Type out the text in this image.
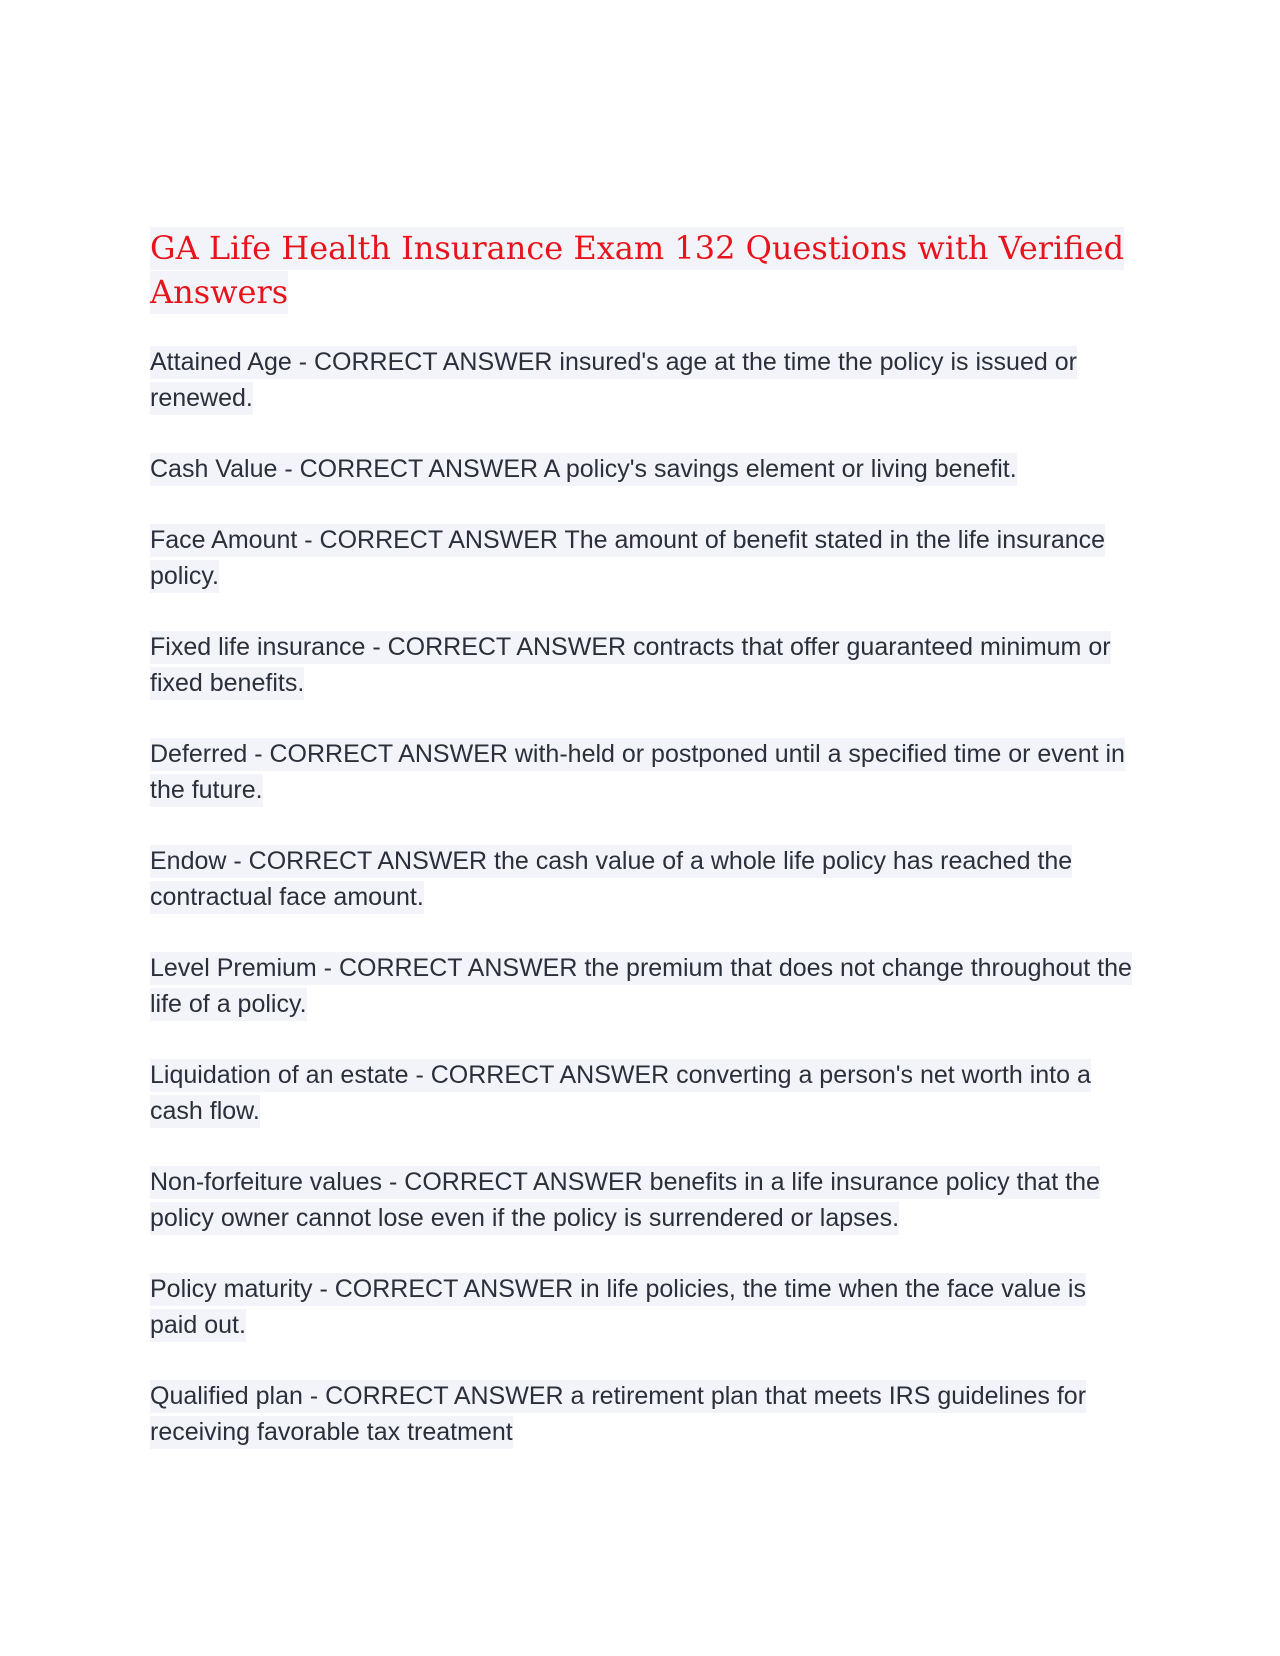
GA Life Health Insurance Exam 132 Questions with Verified Answers

Attained Age - CORRECT ANSWER insured's age at the time the policy is issued or renewed.

Cash Value - CORRECT ANSWER A policy's savings element or living benefit.

Face Amount - CORRECT ANSWER The amount of benefit stated in the life insurance policy.

Fixed life insurance - CORRECT ANSWER contracts that offer guaranteed minimum or fixed benefits.

Deferred - CORRECT ANSWER with-held or postponed until a specified time or event in the future.

Endow - CORRECT ANSWER the cash value of a whole life policy has reached the contractual face amount.

Level Premium - CORRECT ANSWER the premium that does not change throughout the life of a policy.

Liquidation of an estate - CORRECT ANSWER converting a person's net worth into a cash flow.

Non-forfeiture values - CORRECT ANSWER benefits in a life insurance policy that the policy owner cannot lose even if the policy is surrendered or lapses.

Policy maturity - CORRECT ANSWER in life policies, the time when the face value is paid out.

Qualified plan - CORRECT ANSWER a retirement plan that meets IRS guidelines for receiving favorable tax treatment
